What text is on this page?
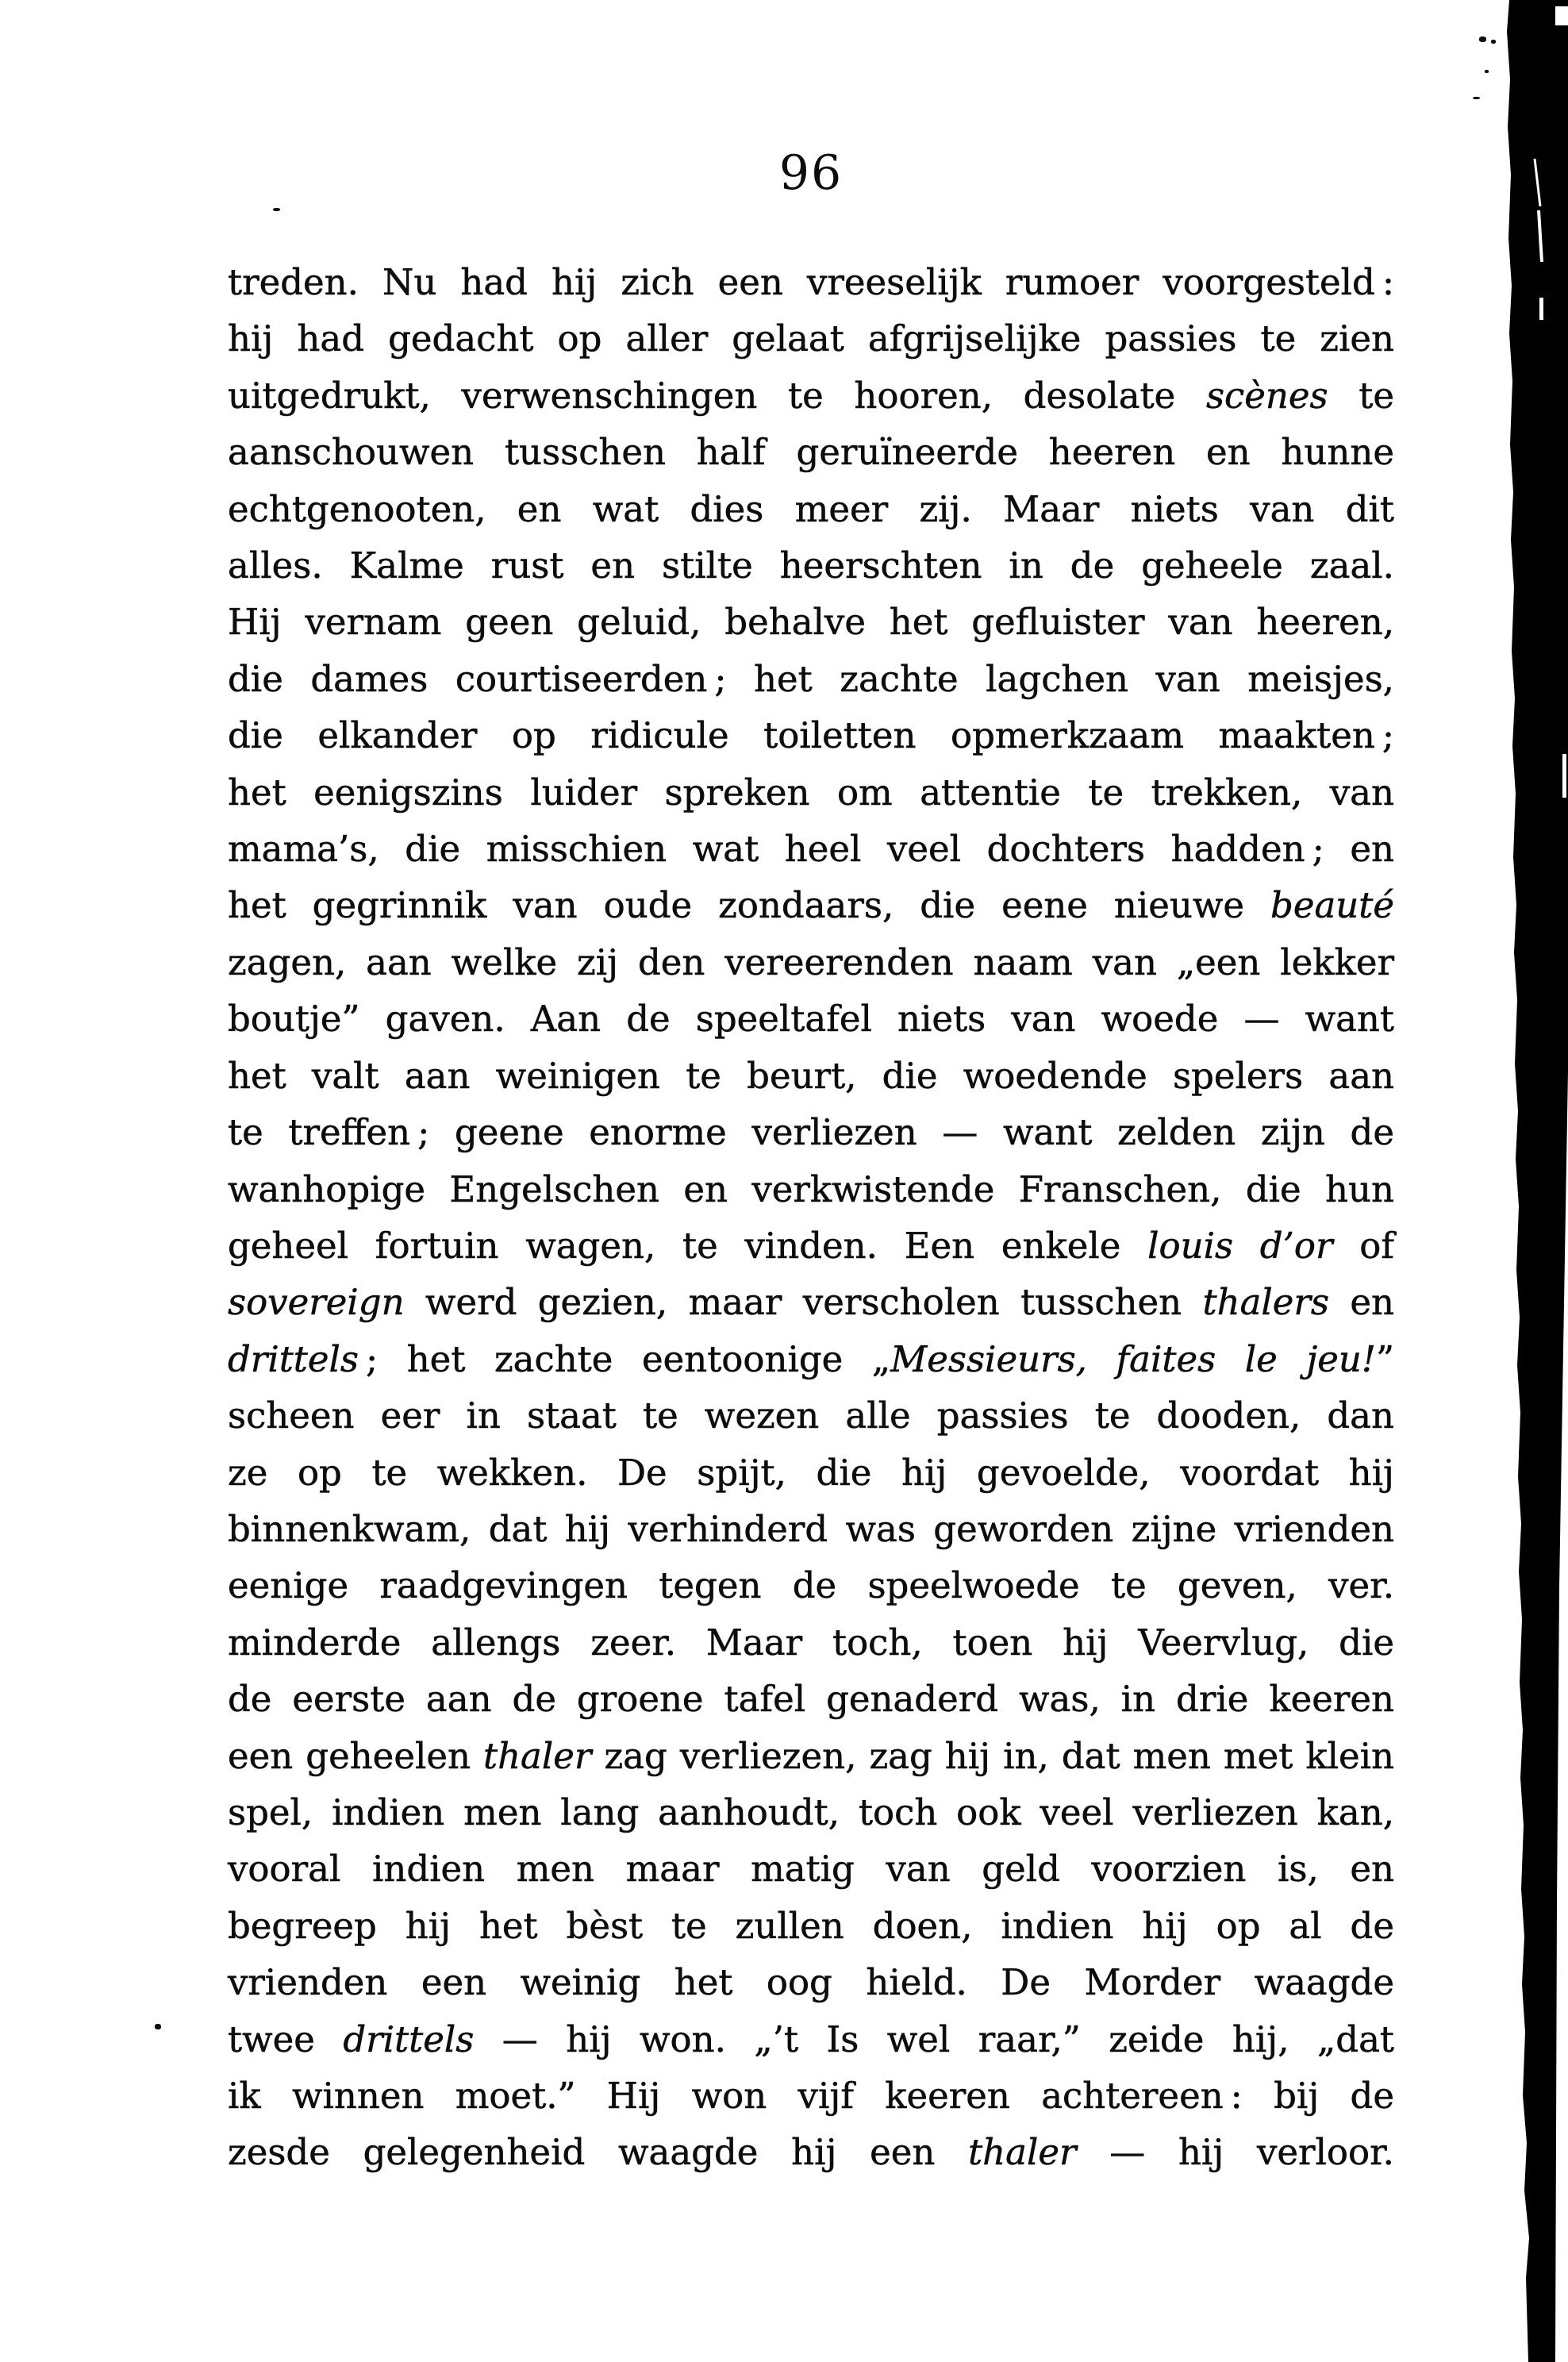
96
treden. Nu had hij zich een vreeselijk rumoer voorgesteld :
hij had gedacht op aller gelaat afgrijselijke passies te zien
uitgedrukt, verwenschingen te hooren, desolate scènes te
aanschouwen tusschen half geruïneerde heeren en hunne
echtgenooten, en wat dies meer zij. Maar niets van dit
alles. Kalme rust en stilte heerschten in de geheele zaal.
Hij vernam geen geluid, behalve het gefluister van heeren,
die dames courtiseerden ; het zachte lagchen van meisjes,
die elkander op ridicule toiletten opmerkzaam maakten ;
het eenigszins luider spreken om attentie te trekken, van
mama’s, die misschien wat heel veel dochters hadden ; en
het gegrinnik van oude zondaars, die eene nieuwe beauté
zagen, aan welke zij den vereerenden naam van „een lekker
boutje” gaven. Aan de speeltafel niets van woede — want
het valt aan weinigen te beurt, die woedende spelers aan
te treffen ; geene enorme verliezen — want zelden zijn de
wanhopige Engelschen en verkwistende Franschen, die hun
geheel fortuin wagen, te vinden. Een enkele louis d’or of
sovereign werd gezien, maar verscholen tusschen thalers en
drittels ; het zachte eentoonige „Messieurs, faites le jeu!”
scheen eer in staat te wezen alle passies te dooden, dan
ze op te wekken. De spijt, die hij gevoelde, voordat hij
binnenkwam, dat hij verhinderd was geworden zijne vrienden
eenige raadgevingen tegen de speelwoede te geven, ver.
minderde allengs zeer. Maar toch, toen hij Veervlug, die
de eerste aan de groene tafel genaderd was, in drie keeren
een geheelen thaler zag verliezen, zag hij in, dat men met klein
spel, indien men lang aanhoudt, toch ook veel verliezen kan,
vooral indien men maar matig van geld voorzien is, en
begreep hij het bèst te zullen doen, indien hij op al de
vrienden een weinig het oog hield. De Morder waagde
twee drittels — hij won. „’t Is wel raar,” zeide hij, „dat
ik winnen moet.” Hij won vijf keeren achtereen : bij de
zesde gelegenheid waagde hij een thaler — hij verloor.
